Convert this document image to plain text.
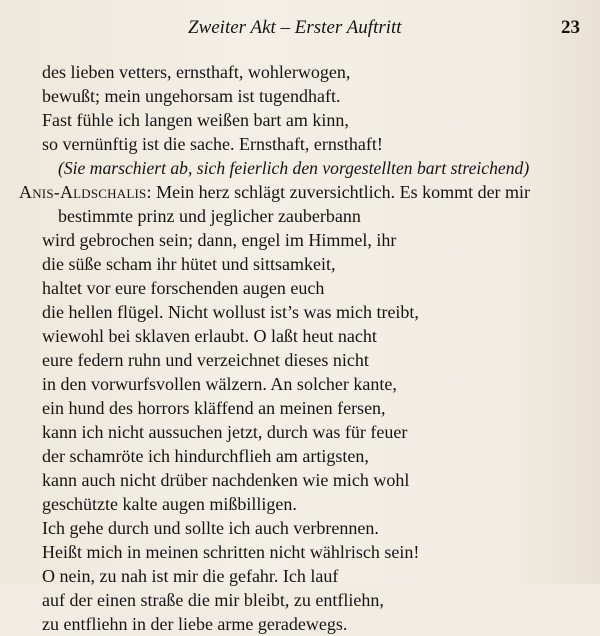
Zweiter Akt – Erster Auftritt	23
des lieben vetters, ernsthaft, wohlerwogen,
bewußt; mein ungehorsam ist tugendhaft.
Fast fühle ich langen weißen bart am kinn,
so vernünftig ist die sache. Ernsthaft, ernsthaft!
(Sie marschiert ab, sich feierlich den vorgestellten bart streichend)
Anis-Aldschalis: Mein herz schlägt zuversichtlich. Es kommt der mir
bestimmte prinz und jeglicher zauberbann
wird gebrochen sein; dann, engel im Himmel, ihr
die süße scham ihr hütet und sittsamkeit,
haltet vor eure forschenden augen euch
die hellen flügel. Nicht wollust ist’s was mich treibt,
wiewohl bei sklaven erlaubt. O laßt heut nacht
eure federn ruhn und verzeichnet dieses nicht
in den vorwurfsvollen wälzern. An solcher kante,
ein hund des horrors kläffend an meinen fersen,
kann ich nicht aussuchen jetzt, durch was für feuer
der schamröte ich hindurchflieh am artigsten,
kann auch nicht drüber nachdenken wie mich wohl
geschützte kalte augen mißbilligen.
Ich gehe durch und sollte ich auch verbrennen.
Heißt mich in meinen schritten nicht wählrisch sein!
O nein, zu nah ist mir die gefahr. Ich lauf
auf der einen straße die mir bleibt, zu entfliehn,
zu entfliehn in der liebe arme geradewegs.
